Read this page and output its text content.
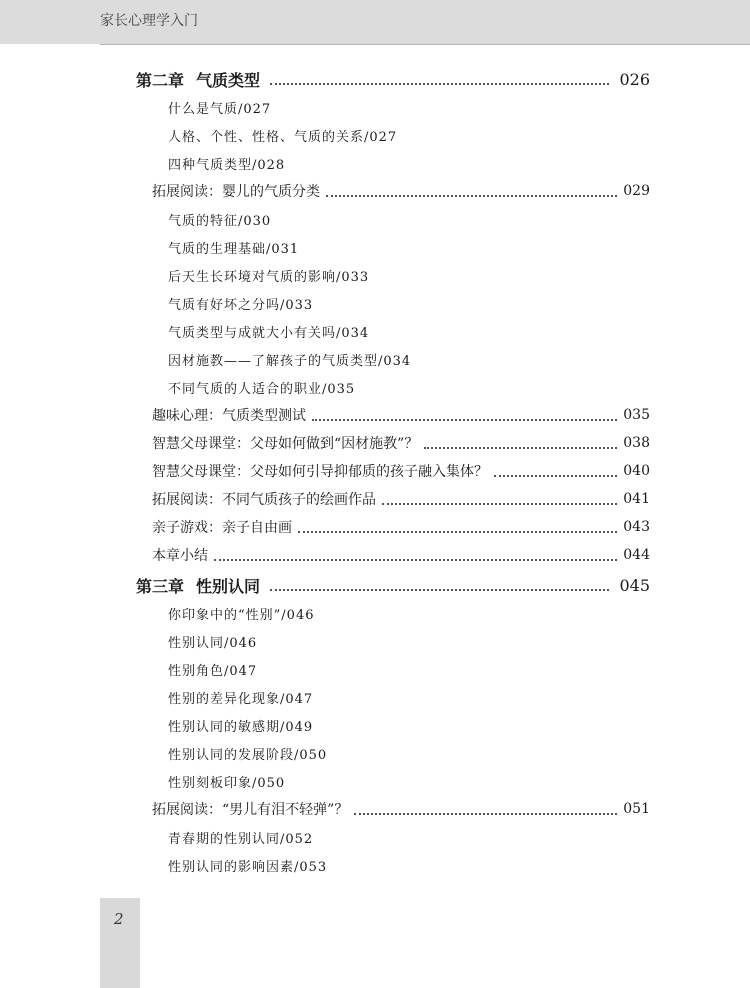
家长心理学入门
第二章 气质类型	026
什么是气质/027
人格、个性、性格、气质的关系/027
四种气质类型/028
拓展阅读：婴儿的气质分类	029
气质的特征/030
气质的生理基础/031
后天生长环境对气质的影响/033
气质有好坏之分吗/033
气质类型与成就大小有关吗/034
因材施教——了解孩子的气质类型/034
不同气质的人适合的职业/035
趣味心理：气质类型测试	035
智慧父母课堂：父母如何做到“因材施教”？	038
智慧父母课堂：父母如何引导抑郁质的孩子融入集体？	040
拓展阅读：不同气质孩子的绘画作品	041
亲子游戏：亲子自由画	043
本章小结	044
第三章 性别认同	045
你印象中的“性别”/046
性别认同/046
性别角色/047
性别的差异化现象/047
性别认同的敏感期/049
性别认同的发展阶段/050
性别刻板印象/050
拓展阅读：“男儿有泪不轻弹”？	051
青春期的性别认同/052
性别认同的影响因素/053
2
